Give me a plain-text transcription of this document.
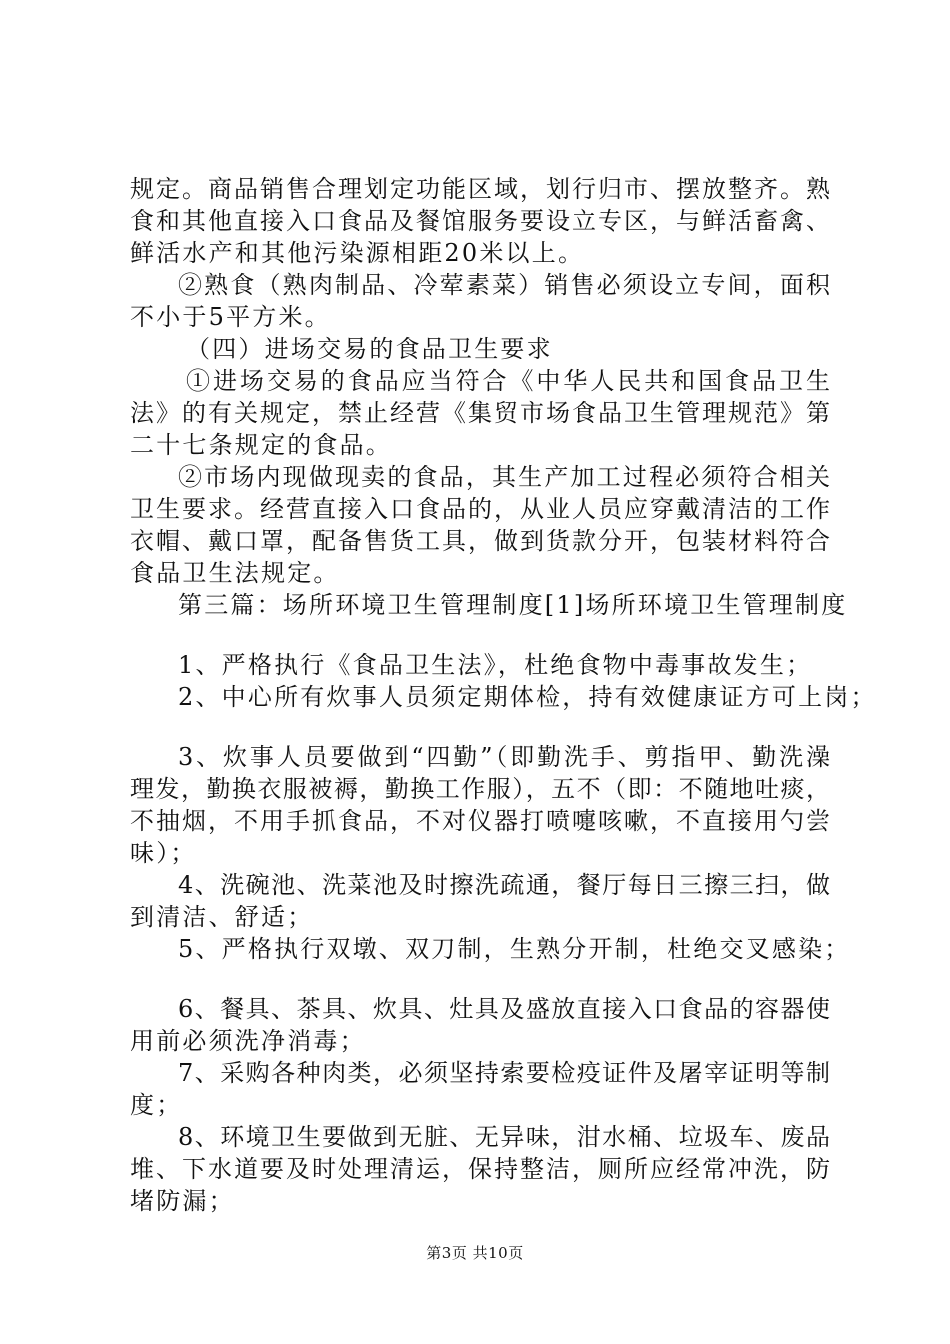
规定。商品销售合理划定功能区域，划行归市、摆放整齐。熟
食和其他直接入口食品及餐馆服务要设立专区，与鲜活畜禽、
鲜活水产和其他污染源相距20米以上。
②熟食（熟肉制品、冷荤素菜）销售必须设立专间，面积
不小于5平方米。
（四）进场交易的食品卫生要求
①进场交易的食品应当符合《中华人民共和国食品卫生
法》的有关规定，禁止经营《集贸市场食品卫生管理规范》第
二十七条规定的食品。
②市场内现做现卖的食品，其生产加工过程必须符合相关
卫生要求。经营直接入口食品的，从业人员应穿戴清洁的工作
衣帽、戴口罩，配备售货工具，做到货款分开，包装材料符合
食品卫生法规定。
第三篇：场所环境卫生管理制度[1]场所环境卫生管理制度
1、严格执行《食品卫生法》，杜绝食物中毒事故发生；
2、中心所有炊事人员须定期体检，持有效健康证方可上岗；
3、炊事人员要做到“四勤”（即勤洗手、剪指甲、勤洗澡
理发，勤换衣服被褥，勤换工作服），五不（即：不随地吐痰，
不抽烟，不用手抓食品，不对仪器打喷嚏咳嗽，不直接用勺尝
味）；
4、洗碗池、洗菜池及时擦洗疏通，餐厅每日三擦三扫，做
到清洁、舒适；
5、严格执行双墩、双刀制，生熟分开制，杜绝交叉感染；
6、餐具、茶具、炊具、灶具及盛放直接入口食品的容器使
用前必须洗净消毒；
7、采购各种肉类，必须坚持索要检疫证件及屠宰证明等制
度；
8、环境卫生要做到无脏、无异味，泔水桶、垃圾车、废品
堆、下水道要及时处理清运，保持整洁，厕所应经常冲洗，防
堵防漏；
第3页 共10页
